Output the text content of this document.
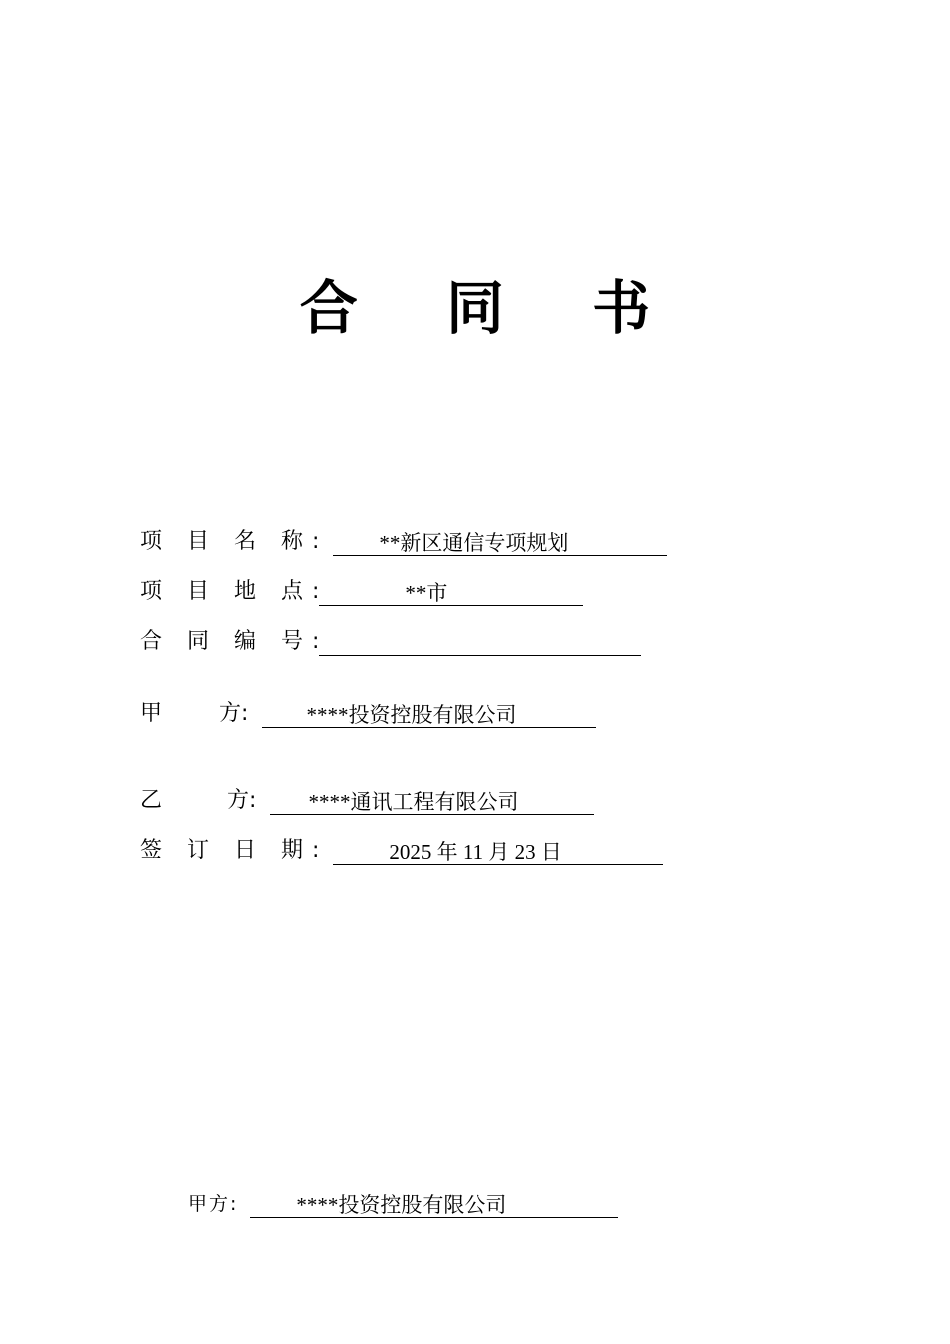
合 同 书
项 目 名 称 :	**新区通信专项规划
项 目 地 点 :	**市
合 同 编 号 :
甲 方 :	****投资控股有限公司
乙	方 :	****通讯工程有限公司
签 订 日 期 :	2025 年 11 月 23 日
甲方 :	****投资控股有限公司
